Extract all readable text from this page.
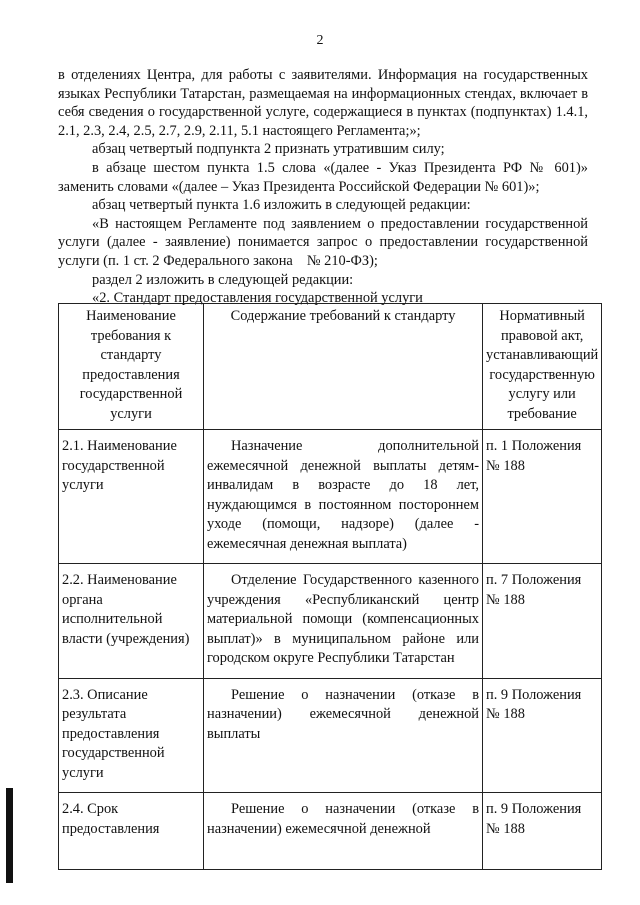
2

в отделениях Центра, для работы с заявителями. Информация на государственных языках Республики Татарстан, размещаемая на информационных стендах, включает в себя сведения о государственной услуге, содержащиеся в пунктах (подпунктах) 1.4.1, 2.1, 2.3, 2.4, 2.5, 2.7, 2.9, 2.11, 5.1 настоящего Регламента;»;

абзац четвертый подпункта 2 признать утратившим силу;

в абзаце шестом пункта 1.5 слова «(далее - Указ Президента РФ № 601)» заменить словами «(далее – Указ Президента Российской Федерации № 601)»;

абзац четвертый пункта 1.6 изложить в следующей редакции:

«В настоящем Регламенте под заявлением о предоставлении государственной услуги (далее - заявление) понимается запрос о предоставлении государственной услуги (п. 1 ст. 2 Федерального закона № 210-ФЗ);

раздел 2 изложить в следующей редакции:

«2. Стандарт предоставления государственной услуги

Наименование требования к стандарту предоставления государственной услуги	Содержание требований к стандарту	Нормативный правовой акт, устанавливающий государственную услугу или требование
2.1. Наименование государственной услуги	Назначение дополнительной ежемесячной денежной выплаты детям-инвалидам в возрасте до 18 лет, нуждающимся в постоянном постороннем уходе (помощи, надзоре) (далее - ежемесячная денежная выплата)	п. 1 Положения № 188
2.2. Наименование органа исполнительной власти (учреждения)	Отделение Государственного казенного учреждения «Республиканский центр материальной помощи (компенсационных выплат)» в муниципальном районе или городском округе Республики Татарстан	п. 7 Положения № 188
2.3. Описание результата предоставления государственной услуги	Решение о назначении (отказе в назначении) ежемесячной денежной выплаты	п. 9 Положения № 188
2.4. Срок предоставления	Решение о назначении (отказе в назначении) ежемесячной денежной	п. 9 Положения № 188
